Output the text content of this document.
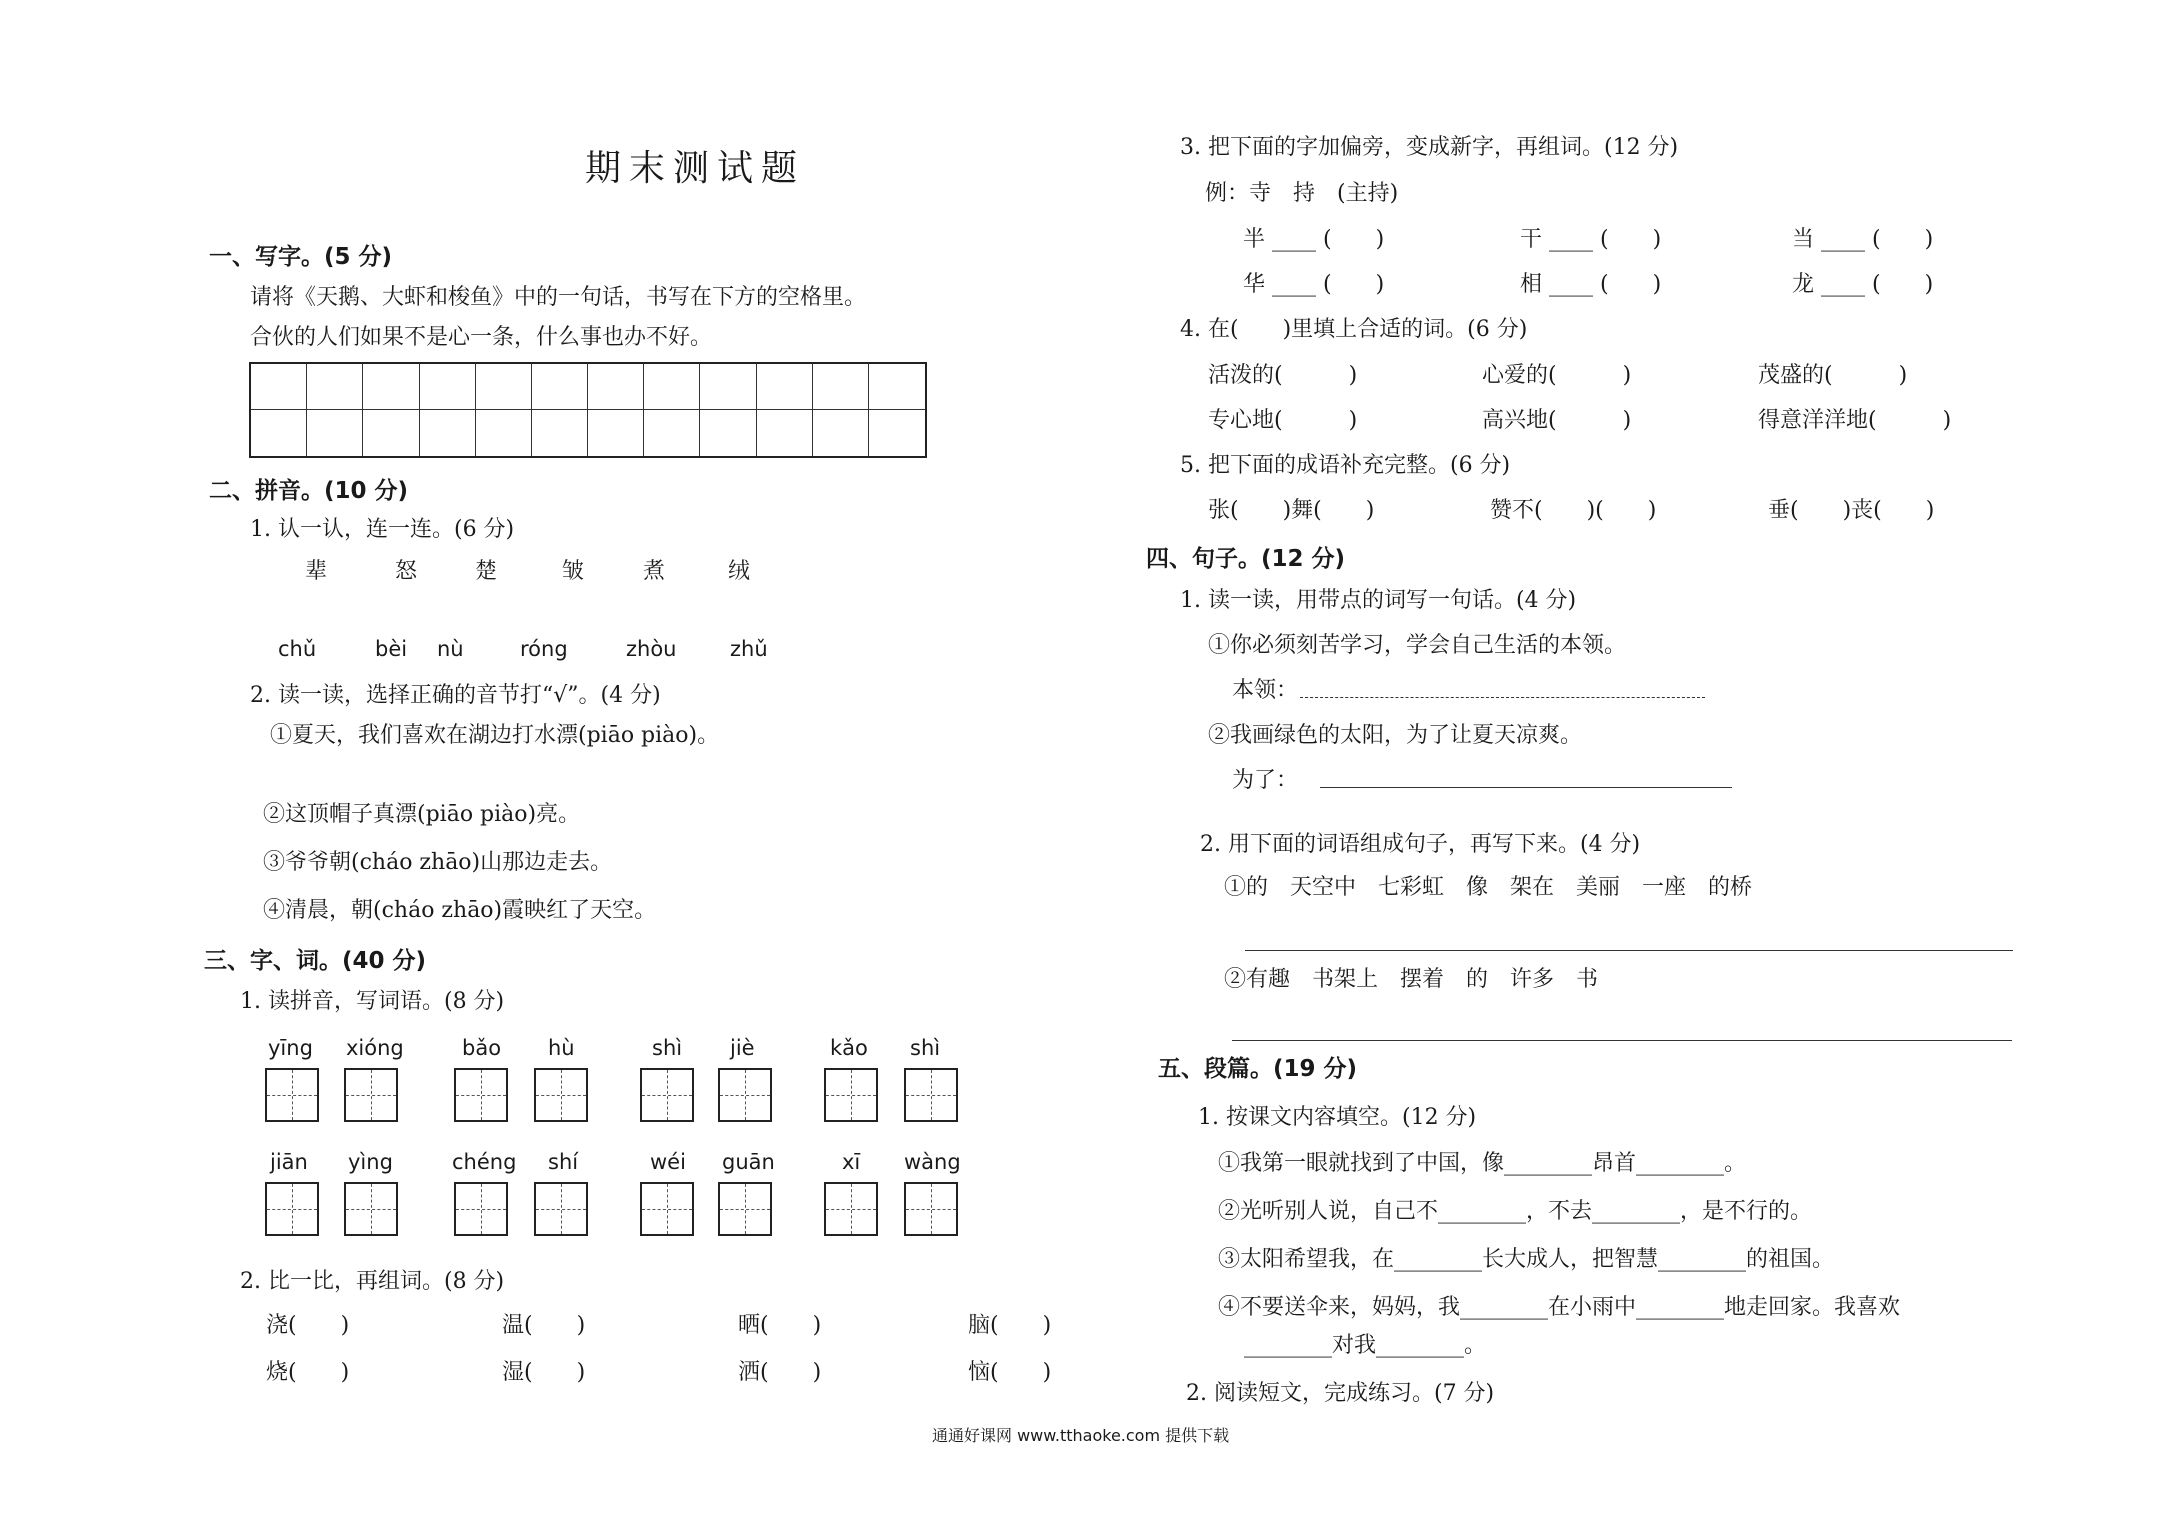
期末测试题
一、写字。(5 分)
请将《天鹅、大虾和梭鱼》中的一句话，书写在下方的空格里。
合伙的人们如果不是心一条，什么事也办不好。
二、拼音。(10 分)
1. 认一认，连一连。(6 分)
辈	怒	楚	皱	煮	绒
chǔ	bèi nù	róng	zhòu	zhǔ
2. 读一读，选择正确的音节打“√”。(4 分)
①夏天，我们喜欢在湖边打水漂(piāo piào)。
②这顶帽子真漂(piāo piào)亮。
③爷爷朝(cháo zhāo)山那边走去。
④清晨，朝(cháo zhāo)霞映红了天空。
三、字、词。(40 分)
1. 读拼音，写词语。(8 分)
yīng xióng	bǎo hù	shì jiè	kǎo shì
jiān yìng	chéng shí	wéi guān	xī wàng
2. 比一比，再组词。(8 分)
浇(　　)	温(　　)	晒(　　)	脑(　　)
烧(　　)	湿(　　)	洒(　　)	恼(　　)
3. 把下面的字加偏旁，变成新字，再组词。(12 分)
例：寺　持　(主持)
半 ____ (　　)	干 ____ (　　)	当 ____ (　　)
华 ____ (　　)	相 ____ (　　)	龙 ____ (　　)
4. 在(　　)里填上合适的词。(6 分)
活泼的(　　　)	心爱的(　　　)	茂盛的(　　　)
专心地(　　　)	高兴地(　　　)	得意洋洋地(　　　)
5. 把下面的成语补充完整。(6 分)
张(　　)舞(　　)	赞不(　　)(　　)	垂(　　)丧(　　)
四、句子。(12 分)
1. 读一读，用带点的词写一句话。(4 分)
①你必须刻苦学习，学会自己生活的本领。
本领：
②我画绿色的太阳，为了让夏天凉爽。
为了：
2. 用下面的词语组成句子，再写下来。(4 分)
①的　天空中　七彩虹　像　架在　美丽　一座　的桥
②有趣　书架上　摆着　的　许多　书
五、段篇。(19 分)
1. 按课文内容填空。(12 分)
①我第一眼就找到了中国，像________昂首________。
②光听别人说，自己不________，不去________，是不行的。
③太阳希望我，在________长大成人，把智慧________的祖国。
④不要送伞来，妈妈，我________在小雨中________地走回家。我喜欢
________对我________。
2. 阅读短文，完成练习。(7 分)
通通好课网 www.tthaoke.com 提供下载
